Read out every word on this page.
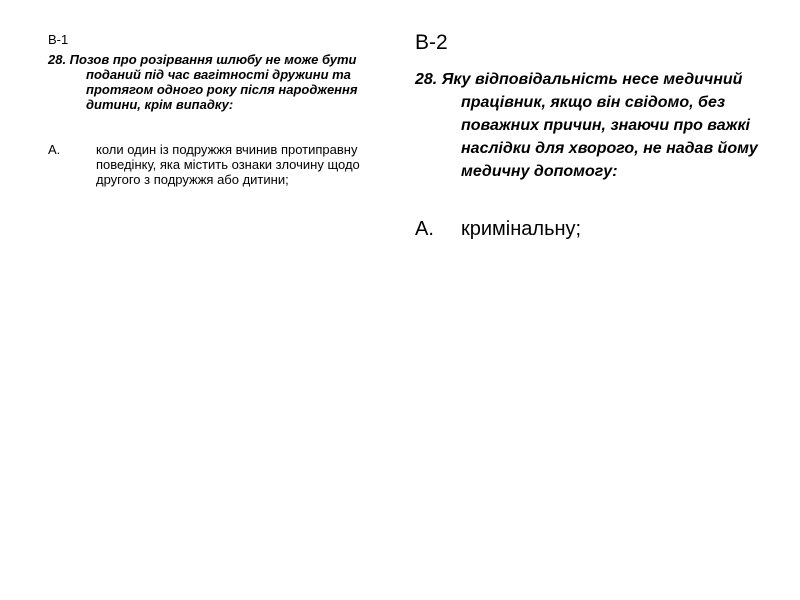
В-1
28. Позов про розірвання шлюбу не може бути поданий під час вагітності дружини та протягом одного року після народження дитини, крім випадку:
А.	коли один із подружжя вчинив протиправну поведінку, яка містить ознаки злочину щодо другого з подружжя або дитини;
В-2
28. Яку відповідальність несе медичний працівник, якщо він свідомо, без поважних причин, знаючи про важкі наслідки для хворого, не надав йому медичну допомогу:
А. кримінальну;
